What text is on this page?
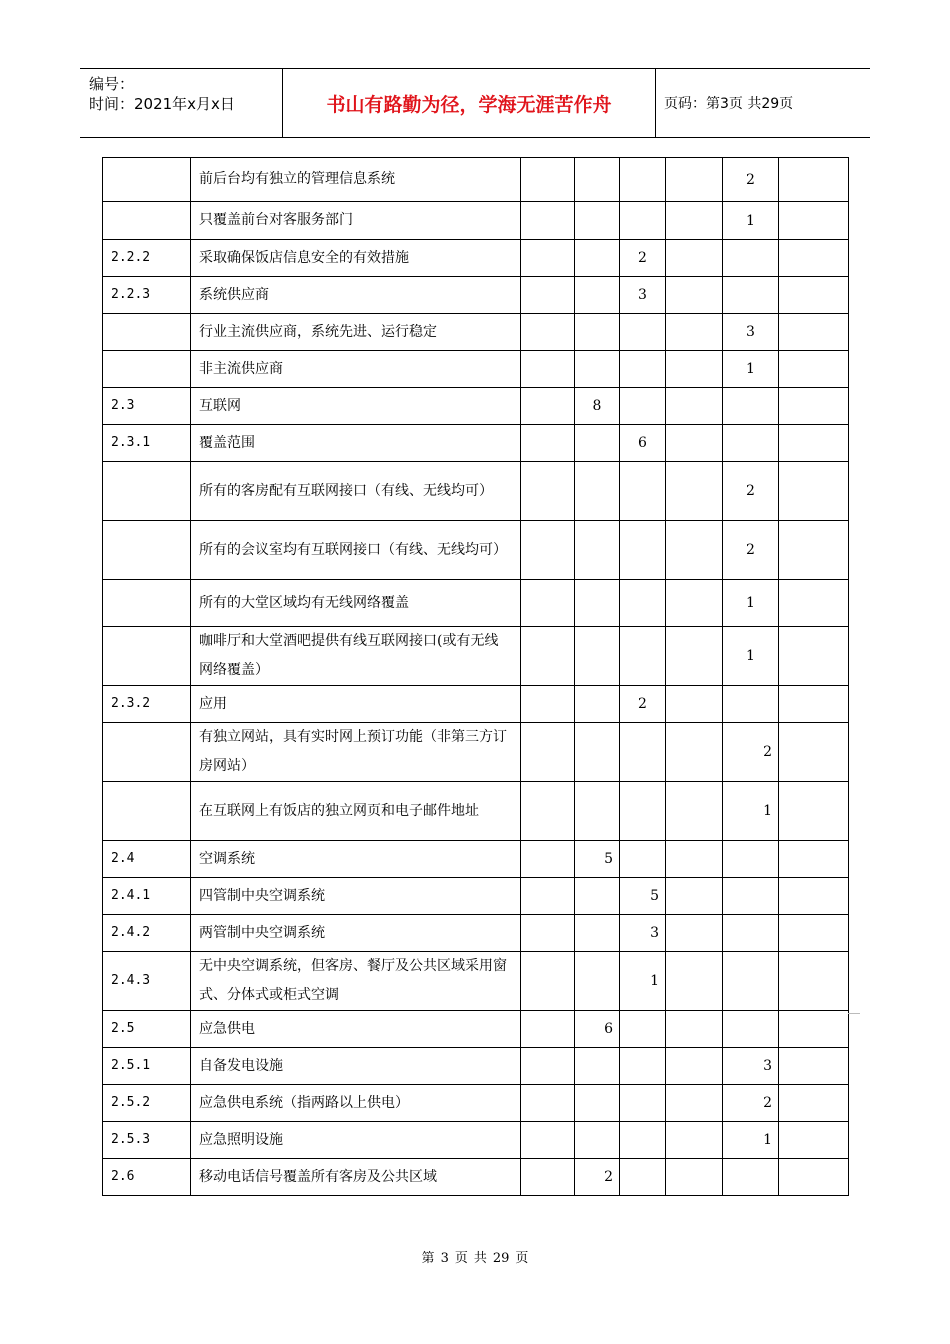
编号：
时间：2021年x月x日	书山有路勤为径，学海无涯苦作舟	页码：第3页 共29页
	前后台均有独立的管理信息系统					2	
	只覆盖前台对客服务部门					1	
2.2.2	采取确保饭店信息安全的有效措施			2			
2.2.3	系统供应商			3			
	行业主流供应商，系统先进、运行稳定					3	
	非主流供应商					1	
2.3	互联网		8				
2.3.1	覆盖范围			6			
	所有的客房配有互联网接口（有线、无线均可）					2	
	所有的会议室均有互联网接口（有线、无线均可）					2	
	所有的大堂区域均有无线网络覆盖					1	
	咖啡厅和大堂酒吧提供有线互联网接口(或有无线网络覆盖）					1	
2.3.2	应用			2			
	有独立网站，具有实时网上预订功能（非第三方订房网站）					2	
	在互联网上有饭店的独立网页和电子邮件地址					1	
2.4	空调系统		5				
2.4.1	四管制中央空调系统			5			
2.4.2	两管制中央空调系统			3			
2.4.3	无中央空调系统，但客房、餐厅及公共区域采用窗式、分体式或柜式空调			1			
2.5	应急供电		6				
2.5.1	自备发电设施					3	
2.5.2	应急供电系统（指两路以上供电）					2	
2.5.3	应急照明设施					1	
2.6	移动电话信号覆盖所有客房及公共区域		2				
第 3 页 共 29 页
